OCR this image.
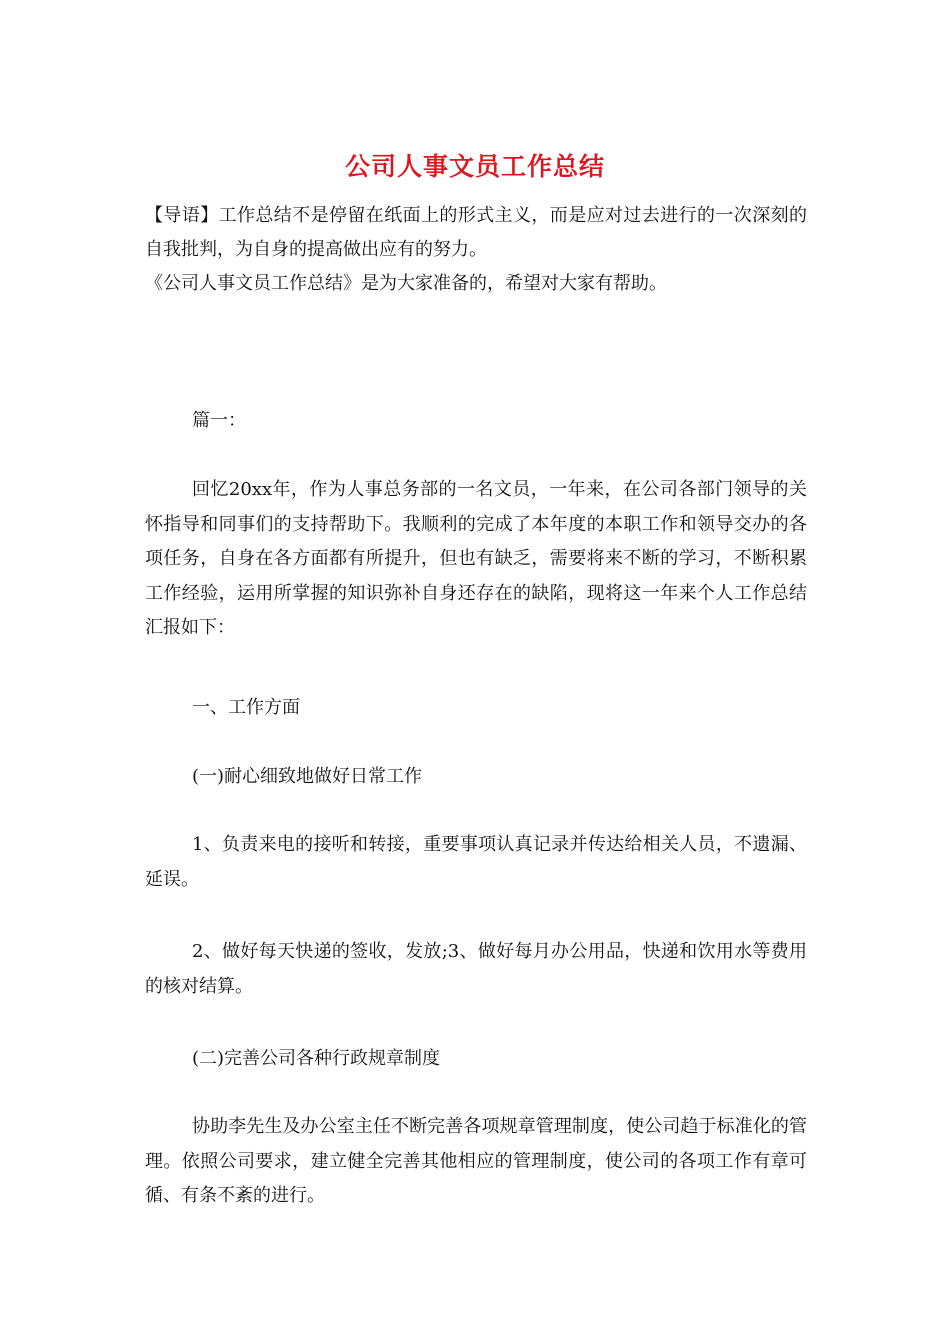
公司人事文员工作总结

【导语】工作总结不是停留在纸面上的形式主义，而是应对过去进行的一次深刻的自我批判，为自身的提高做出应有的努力。

《公司人事文员工作总结》是为大家准备的，希望对大家有帮助。

篇一：

回忆20xx年，作为人事总务部的一名文员，一年来，在公司各部门领导的关怀指导和同事们的支持帮助下。我顺利的完成了本年度的本职工作和领导交办的各项任务，自身在各方面都有所提升，但也有缺乏，需要将来不断的学习，不断积累工作经验，运用所掌握的知识弥补自身还存在的缺陷，现将这一年来个人工作总结汇报如下：

一、工作方面

(一)耐心细致地做好日常工作

1、负责来电的接听和转接，重要事项认真记录并传达给相关人员，不遗漏、延误。

2、做好每天快递的签收，发放;3、做好每月办公用品，快递和饮用水等费用的核对结算。

(二)完善公司各种行政规章制度

协助李先生及办公室主任不断完善各项规章管理制度，使公司趋于标准化的管理。依照公司要求，建立健全完善其他相应的管理制度，使公司的各项工作有章可循、有条不紊的进行。
